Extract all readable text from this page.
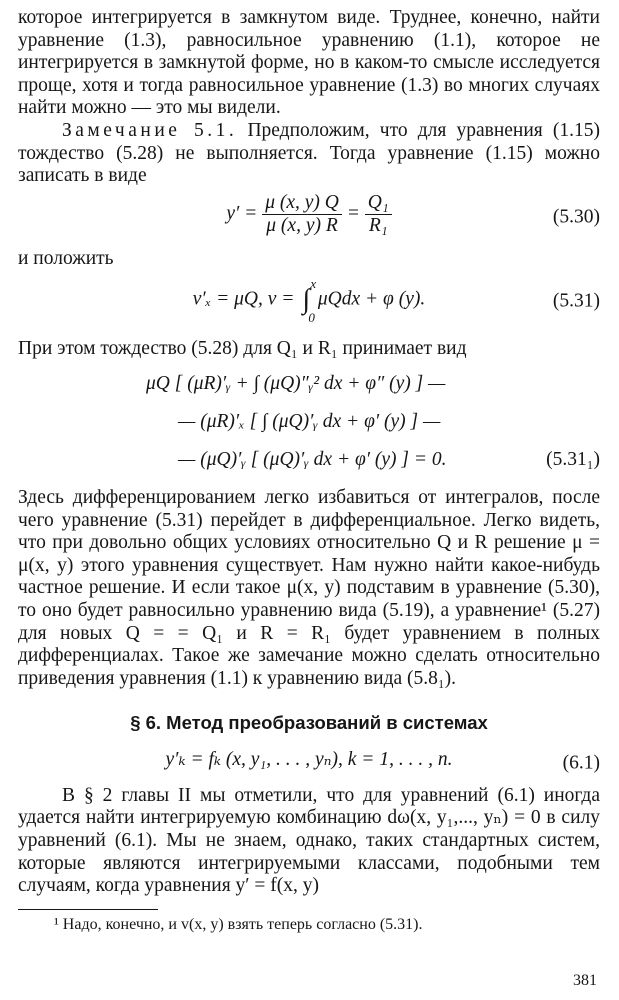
которое интегрируется в замкнутом виде. Труднее, конечно, найти уравнение (1.3), равносильное уравнению (1.1), которое не интегрируется в замкнутой форме, но в каком-то смысле исследуется проще, хотя и тогда равносильное уравнение (1.3) во многих случаях найти можно — это мы видели.

Замечание 5.1. Предположим, что для уравнения (1.15) тождество (5.28) не выполняется. Тогда уравнение (1.15) можно записать в виде

$y' = \frac{\mu (x, y) Q}{\mu (x, y) R} = \frac{\text{Q₁}}{\text{R₁}}$	(5.30)

и положить

v′ₓ = μQ, v = ∫
x
0
μQdx + φ (y).	(5.31)

При этом тождество (5.28) для Q₁ и R₁ принимает вид

μQ [ (μR)′ᵧ + ∫ (μQ)″ᵧ² dx + φ″ (y) ] —
— (μR)′ₓ [ ∫ (μQ)′ᵧ dx + φ′ (y) ] —
— (μQ)′ᵧ [ (μQ)′ᵧ dx + φ′ (y) ] = 0.	(5.31₁)

Здесь дифференцированием легко избавиться от интегралов, после чего уравнение (5.31) перейдет в дифференциальное. Легко видеть, что при довольно общих условиях относительно Q и R решение μ = μ(x, y) этого уравнения существует. Нам нужно найти какое-нибудь частное решение. И если такое μ(x, y) подставим в уравнение (5.30), то оно будет равносильно уравнению вида (5.19), а уравнение¹ (5.27) для новых Q = = Q₁ и R = R₁ будет уравнением в полных дифференциалах. Такое же замечание можно сделать относительно приведения уравнения (1.1) к уравнению вида (5.8₁).

§ 6. Метод преобразований в системах
y′ₖ = fₖ (x, y₁, . . . , yₙ), k = 1, . . . , n.	(6.1)

В § 2 главы II мы отметили, что для уравнений (6.1) иногда удается найти интегрируемую комбинацию dω(x, y₁,..., yₙ) = 0 в силу уравнений (6.1). Мы не знаем, однако, таких стандартных систем, которые являются интегрируемыми классами, подобными тем случаям, когда уравнения y′ = f(x, y)

¹ Надо, конечно, и v(x, y) взять теперь согласно (5.31).

381
